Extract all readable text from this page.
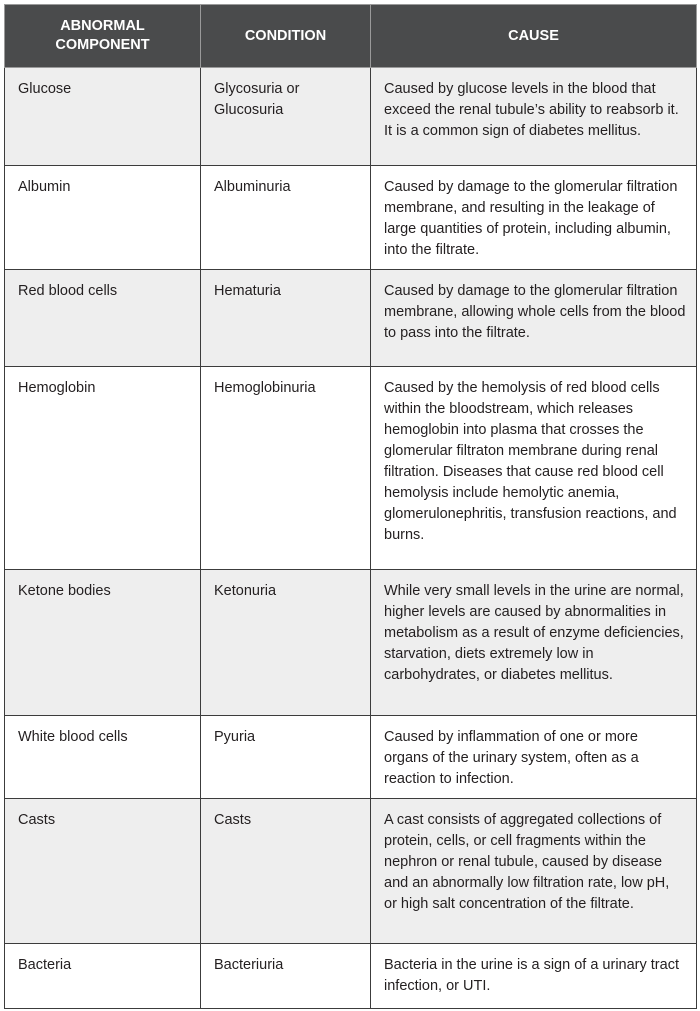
ABNORMAL COMPONENT	CONDITION	CAUSE
Glucose	Glycosuria or Glucosuria	Caused by glucose levels in the blood that exceed the renal tubule’s ability to reabsorb it. It is a common sign of diabetes mellitus.
Albumin	Albuminuria	Caused by damage to the glomerular filtration membrane, and resulting in the leakage of large quantities of protein, including albumin, into the filtrate.
Red blood cells	Hematuria	Caused by damage to the glomerular filtration membrane, allowing whole cells from the blood to pass into the filtrate.
Hemoglobin	Hemoglobinuria	Caused by the hemolysis of red blood cells within the bloodstream, which releases hemoglobin into plasma that crosses the glomerular filtraton membrane during renal filtration. Diseases that cause red blood cell hemolysis include hemolytic anemia, glomerulonephritis, transfusion reactions, and burns.
Ketone bodies	Ketonuria	While very small levels in the urine are normal, higher levels are caused by abnormalities in metabolism as a result of enzyme deficiencies, starvation, diets extremely low in carbohydrates, or diabetes mellitus.
White blood cells	Pyuria	Caused by inflammation of one or more organs of the urinary system, often as a reaction to infection.
Casts	Casts	A cast consists of aggregated collections of protein, cells, or cell fragments within the nephron or renal tubule, caused by disease and an abnormally low filtration rate, low pH, or high salt concentration of the filtrate.
Bacteria	Bacteriuria	Bacteria in the urine is a sign of a urinary tract infection, or UTI.
